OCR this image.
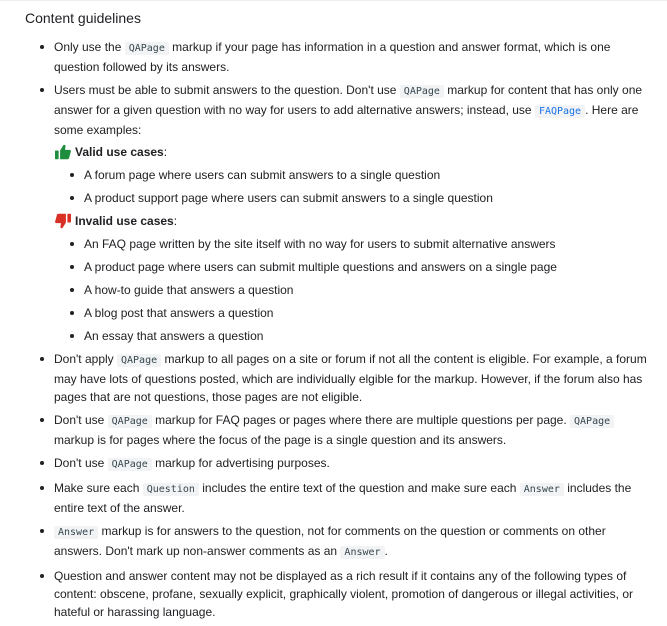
Content guidelines
Only use the QAPage markup if your page has information in a question and answer format, which is one question followed by its answers.
Users must be able to submit answers to the question. Don't use QAPage markup for content that has only one answer for a given question with no way for users to add alternative answers; instead, use FAQPage . Here are some examples:
Valid use cases :
A forum page where users can submit answers to a single question
A product support page where users can submit answers to a single question
Invalid use cases :
An FAQ page written by the site itself with no way for users to submit alternative answers
A product page where users can submit multiple questions and answers on a single page
A how-to guide that answers a question
A blog post that answers a question
An essay that answers a question
Don't apply QAPage markup to all pages on a site or forum if not all the content is eligible. For example, a forum may have lots of questions posted, which are individually elgible for the markup. However, if the forum also has pages that are not questions, those pages are not eligible.
Don't use QAPage markup for FAQ pages or pages where there are multiple questions per page. QAPage markup is for pages where the focus of the page is a single question and its answers.
Don't use QAPage markup for advertising purposes.
Make sure each Question includes the entire text of the question and make sure each Answer includes the entire text of the answer.
Answer markup is for answers to the question, not for comments on the question or comments on other answers. Don't mark up non-answer comments as an Answer .
Question and answer content may not be displayed as a rich result if it contains any of the following types of content: obscene, profane, sexually explicit, graphically violent, promotion of dangerous or illegal activities, or hateful or harassing language.
